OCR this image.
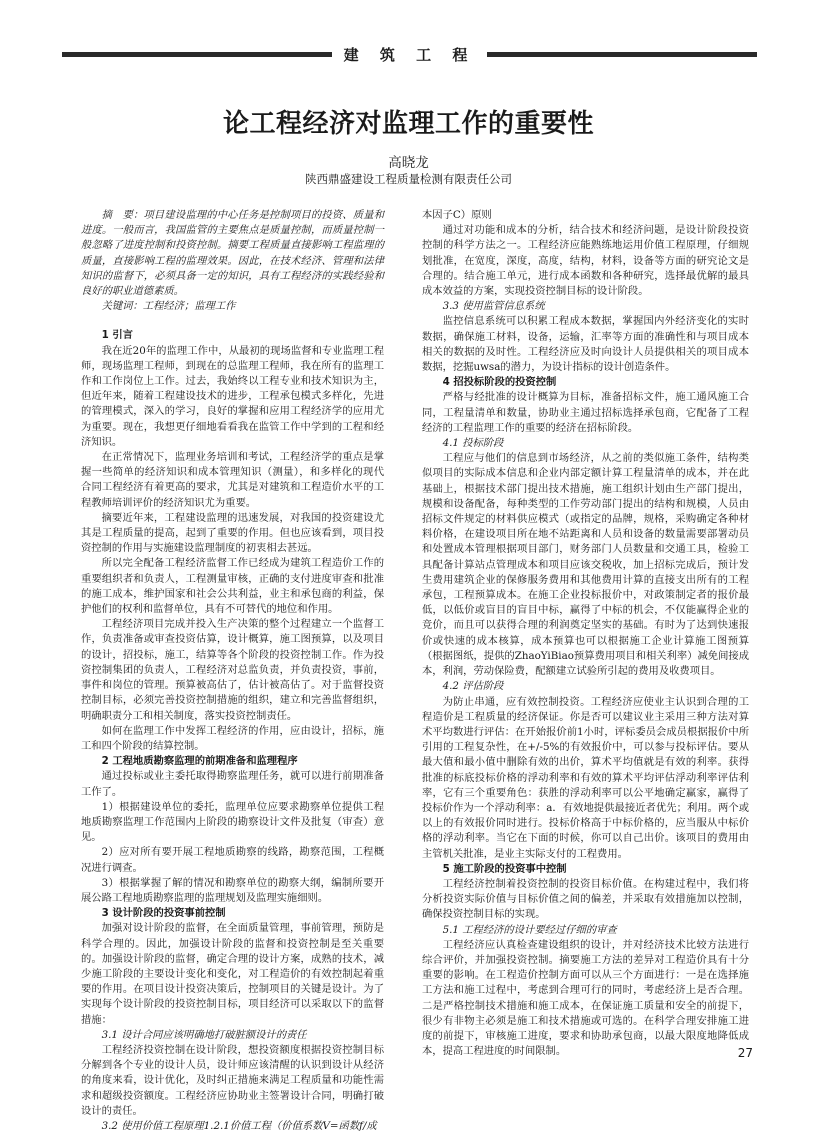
建 筑 工 程
论工程经济对监理工作的重要性
高晓龙
陕西鼎盛建设工程质量检测有限责任公司

摘　要：项目建设监理的中心任务是控制项目的投资、质量和进度。一般而言，我国监管的主要焦点是质量控制，而质量控制一般忽略了进度控制和投资控制。摘要工程质量直接影响工程监理的质量，直接影响工程的监理效果。因此，在技术经济、管理和法律知识的监督下，必须具备一定的知识，具有工程经济的实践经验和良好的职业道德素质。

关键词：工程经济；监理工作

1 引言

我在近20年的监理工作中，从最初的现场监督和专业监理工程师，现场监理工程师，到现在的总监理工程师，我在所有的监理工作和工作岗位上工作。过去，我始终以工程专业和技术知识为主，但近年来，随着工程建设技术的进步，工程承包模式多样化，先进的管理模式，深入的学习，良好的掌握和应用工程经济学的应用尤为重要。现在，我想更仔细地看看我在监管工作中学到的工程和经济知识。

在正常情况下，监理业务培训和考试，工程经济学的重点是掌握一些简单的经济知识和成本管理知识（测量），和多样化的现代合同工程经济有着更高的要求，尤其是对建筑和工程造价水平的工程教师培训评价的经济知识尤为重要。

摘要近年来，工程建设监理的迅速发展，对我国的投资建设尤其是工程质量的提高，起到了重要的作用。但也应该看到，项目投资控制的作用与实施建设监理制度的初衷相去甚远。

所以完全配备工程经济监督工作已经成为建筑工程造价工作的重要组织者和负责人，工程测量审核，正确的支付进度审查和批准的施工成本，维护国家和社会公共利益，业主和承包商的利益，保护他们的权利和监督单位，具有不可替代的地位和作用。

工程经济项目完成并投入生产决策的整个过程建立一个监督工作，负责准备或审查投资估算，设计概算，施工图预算，以及项目的设计，招投标，施工，结算等各个阶段的投资控制工作。作为投资控制集团的负责人，工程经济对总监负责，并负责投资，事前，事件和岗位的管理。预算被高估了，估计被高估了。对于监督投资控制目标，必须完善投资控制措施的组织，建立和完善监督组织，明确职责分工和相关制度，落实投资控制责任。

如何在监理工作中发挥工程经济的作用，应由设计，招标，施工和四个阶段的结算控制。

2 工程地质勘察监理的前期准备和监理程序

通过投标或业主委托取得勘察监理任务，就可以进行前期准备工作了。

1）根据建设单位的委托，监理单位应要求勘察单位提供工程地质勘察监理工作范围内上阶段的勘察设计文件及批复（审查）意见。

2）应对所有要开展工程地质勘察的线路，勘察范围，工程概况进行调查。

3）根据掌握了解的情况和勘察单位的勘察大纲，编制所要开展公路工程地质勘察监理的监理规划及监理实施细则。

3 设计阶段的投资事前控制

加强对设计阶段的监督，在全面质量管理，事前管理，预防是科学合理的。因此，加强设计阶段的监督和投资控制是至关重要的。加强设计阶段的监督，确定合理的设计方案，成熟的技术，减少施工阶段的主要设计变化和变化，对工程造价的有效控制起着重要的作用。在项目设计投资决策后，控制项目的关键是设计。为了实现每个设计阶段的投资控制目标，项目经济可以采取以下的监督措施：

3.1 设计合同应该明确地打破脏额设计的责任

工程经济投资控制在设计阶段，想投资额度根据投资控制目标分解到各个专业的设计人员，设计师应该清醒的认识到设计从经济的角度来看，设计优化，及时纠正措施来满足工程质量和功能性需求和超级投资额度。工程经济应协助业主签署设计合同，明确打破设计的责任。

3.2 使用价值工程原理1.2.1价值工程（价值系数V=函数f/成

本因子C）原则

通过对功能和成本的分析，结合技术和经济问题，是设计阶段投资控制的科学方法之一。工程经济应能熟练地运用价值工程原理，仔细规划批准，在宽度，深度，高度，结构，材料，设备等方面的研究论文是合理的。结合施工单元，进行成本函数和各种研究，选择最优解的最具成本效益的方案，实现投资控制目标的设计阶段。

3.3 使用监管信息系统

监控信息系统可以积累工程成本数据，掌握国内外经济变化的实时数据，确保施工材料，设备，运输，汇率等方面的准确性和与项目成本相关的数据的及时性。工程经济应及时向设计人员提供相关的项目成本数据，挖掘uwsa的潜力，为设计指标的设计创造条件。

4 招投标阶段的投资控制

严格与经批准的设计概算为目标，准备招标文件，施工通风施工合同，工程量清单和数量，协助业主通过招标选择承包商，它配备了工程经济的工程监理工作的重要的经济在招标阶段。

4.1 投标阶段

工程应与他们的信息到市场经济，从之前的类似施工条件，结构类似项目的实际成本信息和企业内部定额计算工程量清单的成本，并在此基础上，根据技术部门提出技术措施，施工组织计划由生产部门提出，规模和设备配备，每种类型的工作劳动部门提出的结构和规模，人员由招标文件规定的材料供应模式（或指定的品牌，规格，采购确定各种材料价格，在建设项目所在地不站距离和人员和设备的数量需要部署动员和处置成本管理根据项目部门，财务部门人员数量和交通工具，检验工具配备计算站点管理成本和项目应该交税收，加上招标完成后，预计发生费用建筑企业的保修服务费用和其他费用计算的直接支出所有的工程承包，工程预算成本。在施工企业投标报价中，对政策制定者的报价最低，以低价或盲目的盲目中标，赢得了中标的机会，不仅能赢得企业的竞价，而且可以获得合理的利润奠定坚实的基础。有时为了达到快速报价或快速的成本核算，成本预算也可以根据施工企业计算施工图预算（根据图纸，提供的ZhaoYiBiao预算费用项目和相关利率）减免间接成本，利润，劳动保险费，配额建立试验所引起的费用及收费项目。

4.2 评估阶段

为防止串通，应有效控制投资。工程经济应使业主认识到合理的工程造价是工程质量的经济保证。你是否可以建议业主采用三种方法对算术平均数进行评估：在开始报价前1小时，评标委员会成员根据报价中所引用的工程复杂性，在+/-5%的有效报价中，可以参与投标评估。要从最大值和最小值中删除有效的出价，算术平均值就是有效的利率。获得批准的标底投标价格的浮动利率和有效的算术平均评估浮动利率评估利率，它有三个重要角色：获胜的浮动利率可以公平地确定赢家，赢得了投标价作为一个浮动利率：a．有效地提供最接近者优先；利用。两个或以上的有效报价同时进行。投标价格高于中标价格的，应当服从中标价格的浮动利率。当它在下面的时候，你可以自己出价。该项目的费用由主管机关批准，是业主实际支付的工程费用。

5 施工阶段的投资事中控制

工程经济控制着投资控制的投资目标价值。在构建过程中，我们将分析投资实际价值与目标价值之间的偏差，并采取有效措施加以控制，确保投资控制目标的实现。

5.1 工程经济的设计要经过仔细的审查

工程经济应认真检查建设组织的设计，并对经济技术比较方法进行综合评价，并加强投资控制。摘要施工方法的差异对工程造价具有十分重要的影响。在工程造价控制方面可以从三个方面进行：一是在选择施工方法和施工过程中，考虑到合理可行的同时，考虑经济上是否合理。二是严格控制技术措施和施工成本，在保证施工质量和安全的前提下，很少有非物主必须是施工和技术措施或可选的。在科学合理安排施工进度的前提下，审核施工进度，要求和协助承包商，以最大限度地降低成本，提高工程进度的时间限制。	27
